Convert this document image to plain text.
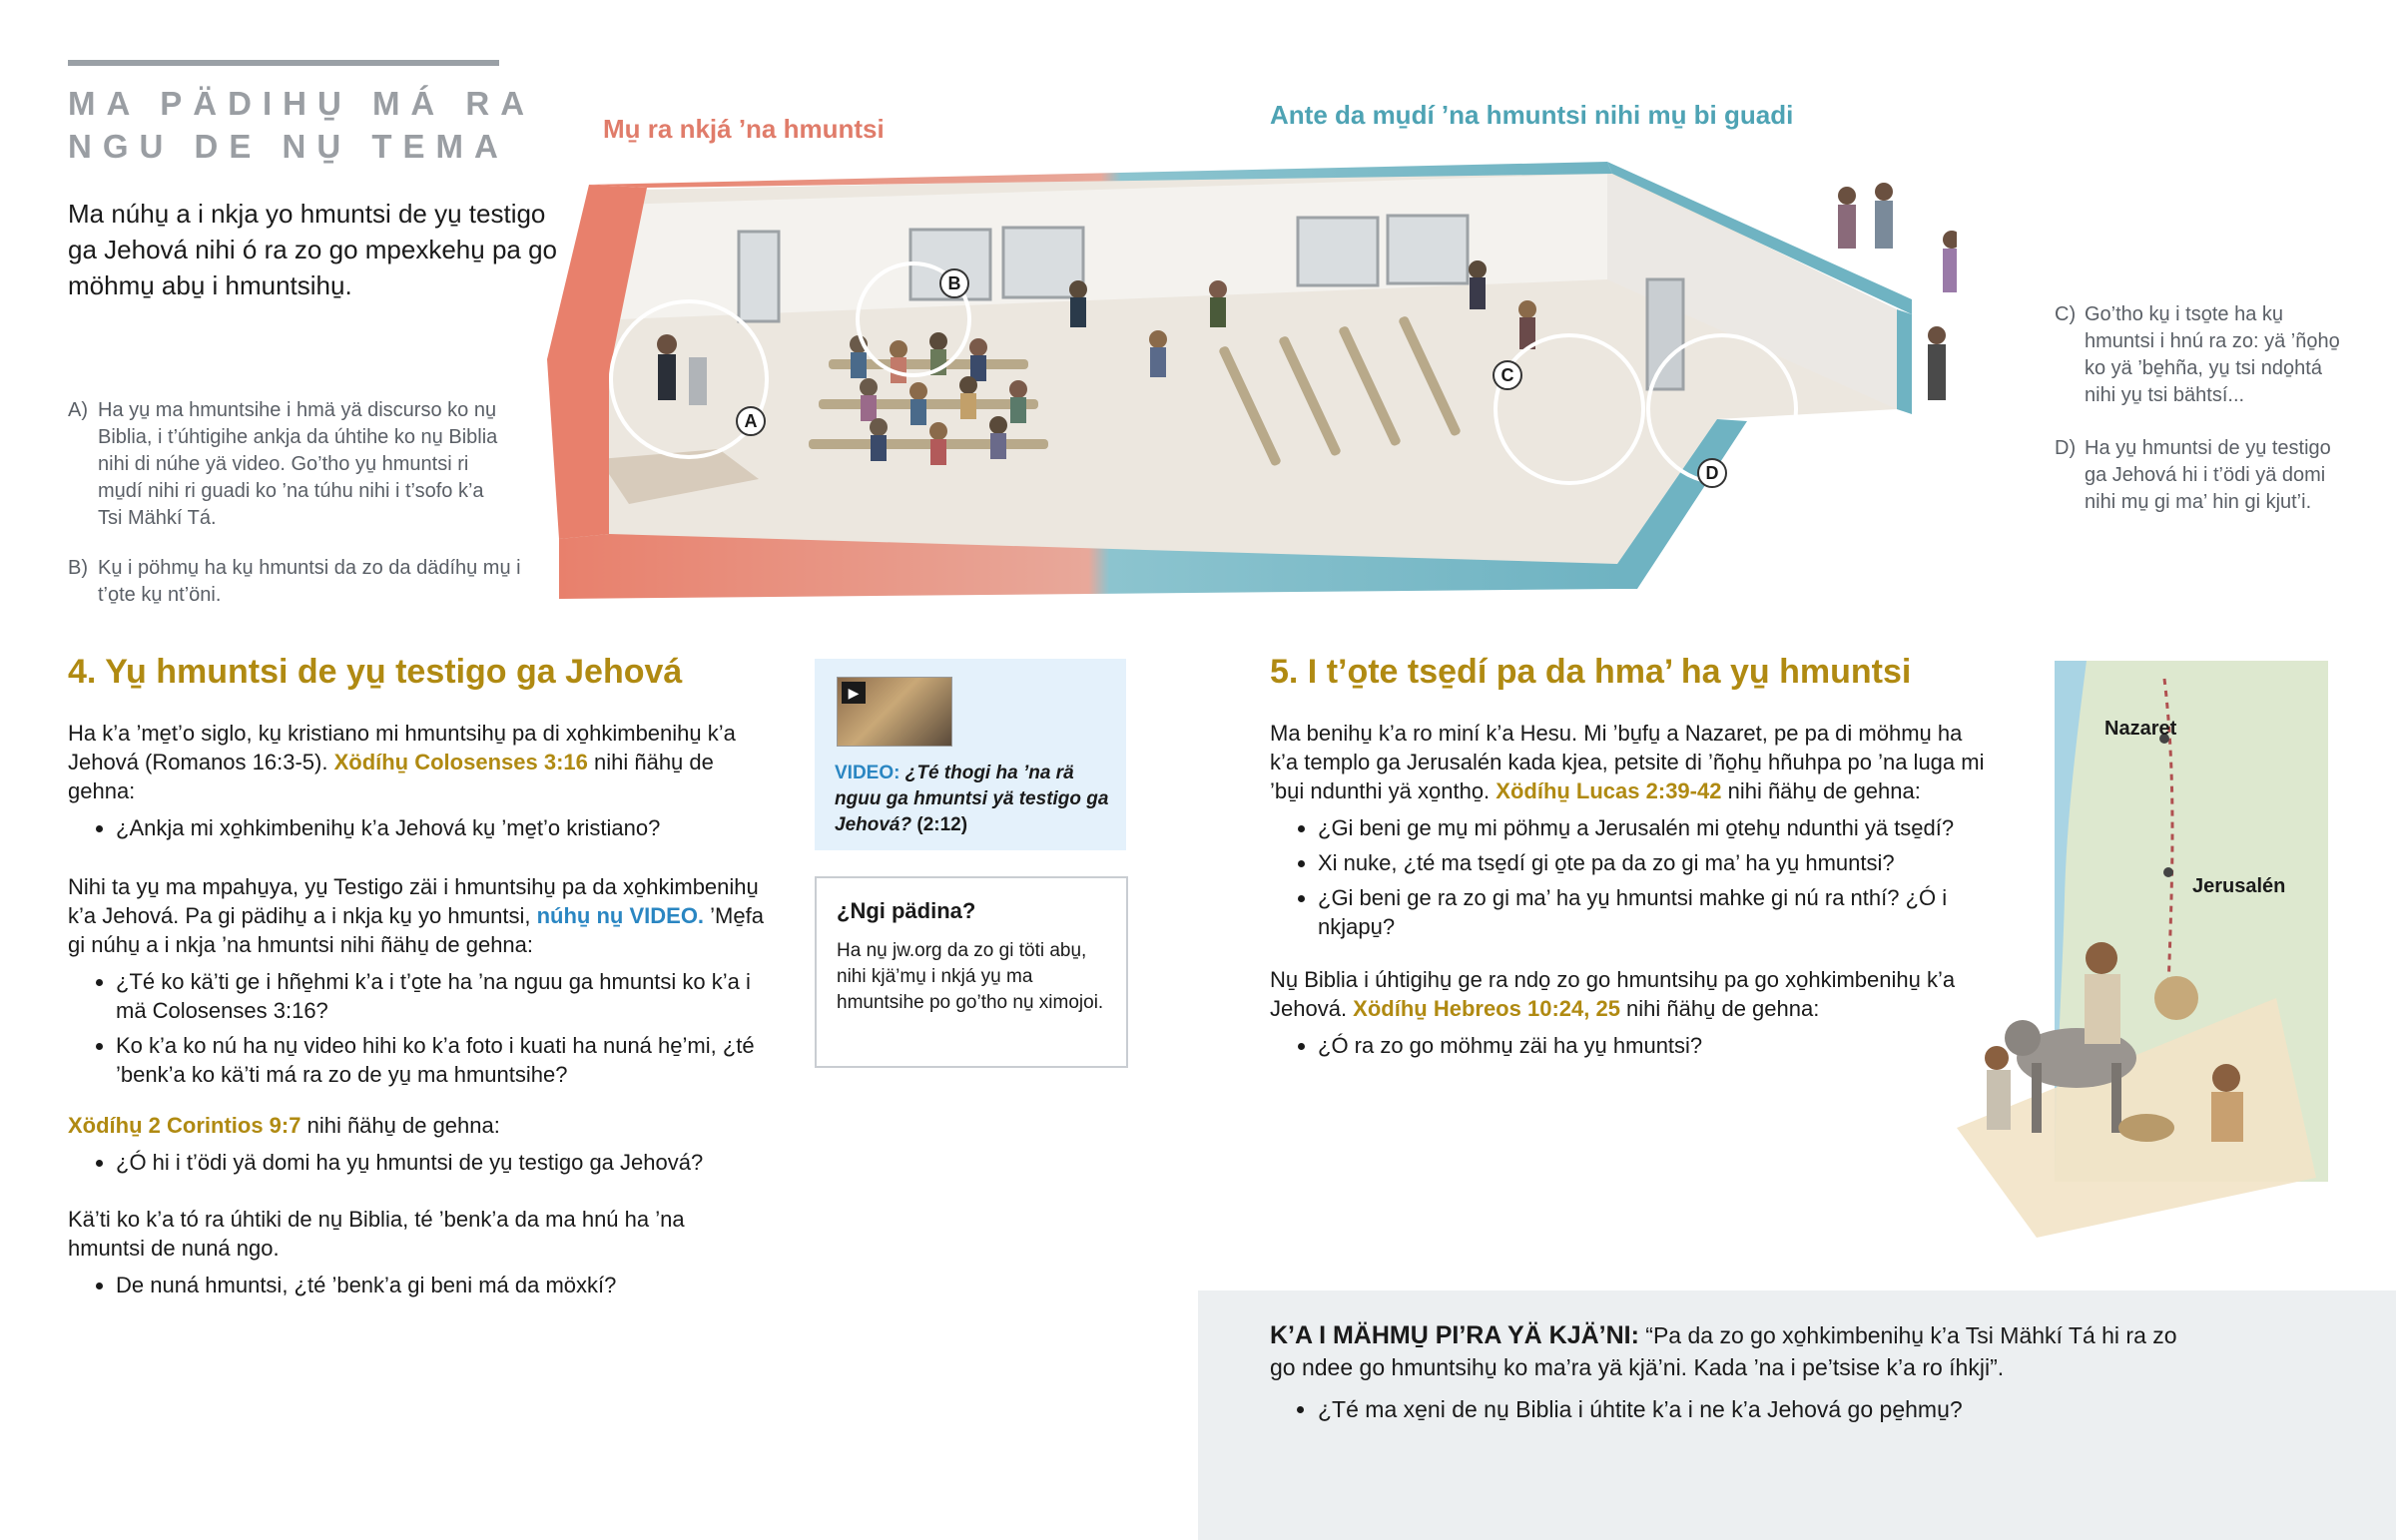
MA PÄDIHU̱ MÁ RA NGU DE NU̱ TEMA
Ma núhu̱ a i nkja yo hmuntsi de yu̱ testigo ga Jehová nihi ó ra zo go mpexkehu̱ pa go möhmu̱ abu̱ i hmuntsihu̱.
A) Ha yu̱ ma hmuntsihe i hmä yä discurso ko nu̱ Biblia, i t’úhtigihe ankja da úhtihe ko nu̱ Biblia nihi di núhe yä video. Go’tho yu̱ hmuntsi ri mu̱dí nihi ri guadi ko ’na túhu nihi i t’sofo k’a Tsi Mähkí Tá.
B) Ku̱ i pöhmu̱ ha ku̱ hmuntsi da zo da dädíhu̱ mu̱ i t’o̱te ku̱ nt’öni.
C) Go’tho ku̱ i tso̱te ha ku̱ hmuntsi i hnú ra zo: yä ’ño̱ho̱ ko yä ’be̱hña, yu̱ tsi ndo̱htá nihi yu̱ tsi bähtsí...
D) Ha yu̱ hmuntsi de yu̱ testigo ga Jehová hi i t’ödi yä domi nihi mu̱ gi ma’ hin gi kjut’i.
Mu̱ ra nkjá ’na hmuntsi	Ante da mu̱dí ’na hmuntsi nihi mu̱ bi guadi
A
B
C
D
4. Yu̱ hmuntsi de yu̱ testigo ga Jehová
Ha k’a ’me̱t’o siglo, ku̱ kristiano mi hmuntsihu̱ pa di xo̱hkimbenihu̱ k’a Jehová (Romanos 16:3-5). Xödíhu̱ Colosenses 3:16 nihi ñähu̱ de gehna:
• ¿Ankja mi xo̱hkimbenihu̱ k’a Jehová ku̱ ’me̱t’o kristiano?
Nihi ta yu̱ ma mpahu̱ya, yu̱ Testigo zäi i hmuntsihu̱ pa da xo̱hkimbenihu̱ k’a Jehová. Pa gi pädihu̱ a i nkja ku̱ yo hmuntsi, núhu̱ nu̱ VIDEO. ’Me̱fa gi núhu̱ a i nkja ’na hmuntsi nihi ñähu̱ de gehna:
• ¿Té ko kä’ti ge i hñe̱hmi k’a i t’o̱te ha ’na nguu ga hmuntsi ko k’a i mä Colosenses 3:16?
• Ko k’a ko nú ha nu̱ video hihi ko k’a foto i kuati ha nuná he̱’mi, ¿té ’benk’a ko kä’ti má ra zo de yu̱ ma hmuntsihe?
Xödíhu̱ 2 Corintios 9:7 nihi ñähu̱ de gehna:
• ¿Ó hi i t’ödi yä domi ha yu̱ hmuntsi de yu̱ testigo ga Jehová?
Kä’ti ko k’a tó ra úhtiki de nu̱ Biblia, té ’benk’a da ma hnú ha ’na hmuntsi de nuná ngo.
• De nuná hmuntsi, ¿té ’benk’a gi beni má da möxkí?
▶
VIDEO: ¿Té thogi ha ’na rä nguu ga hmuntsi yä testigo ga Jehová? (2:12)
¿Ngi pädina?

Ha nu̱ jw.org da zo gi töti abu̱, nihi kjä’mu̱ i nkjá yu̱ ma hmuntsihe po go’tho nu̱ ximojoi.

5. I t’o̱te tse̱dí pa da hma’ ha yu̱ hmuntsi
Ma benihu̱ k’a ro miní k’a Hesu. Mi ’bu̱fu̱ a Nazaret, pe pa di möhmu̱ ha k’a templo ga Jerusalén kada kjea, petsite di ’ño̱hu̱ hñuhpa po ’na luga mi ’bu̱i ndunthi yä xo̱ntho̱. Xödíhu̱ Lucas 2:39-42 nihi ñähu̱ de gehna:
• ¿Gi beni ge mu̱ mi pöhmu̱ a Jerusalén mi o̱tehu̱ ndunthi yä tse̱dí?
• Xi nuke, ¿té ma tse̱dí gi o̱te pa da zo gi ma’ ha yu̱ hmuntsi?
• ¿Gi beni ge ra zo gi ma’ ha yu̱ hmuntsi mahke gi nú ra nthí? ¿Ó i nkjapu̱?
Nu̱ Biblia i úhtigihu̱ ge ra ndo̱ zo go hmuntsihu̱ pa go xo̱hkimbenihu̱ k’a Jehová. Xödíhu̱ Hebreos 10:24, 25 nihi ñähu̱ de gehna:
• ¿Ó ra zo go möhmu̱ zäi ha yu̱ hmuntsi?
Nazaret
Jerusalén
K’A I MÄHMU̱ PI’RA YÄ KJÄ’NI: “Pa da zo go xo̱hkimbenihu̱ k’a Tsi Mähkí Tá hi ra zo go ndee go hmuntsihu̱ ko ma’ra yä kjä’ni. Kada ’na i pe’tsise k’a ro íhkji”.
• ¿Té ma xe̱ni de nu̱ Biblia i úhtite k’a i ne k’a Jehová go pe̱hmu̱?
